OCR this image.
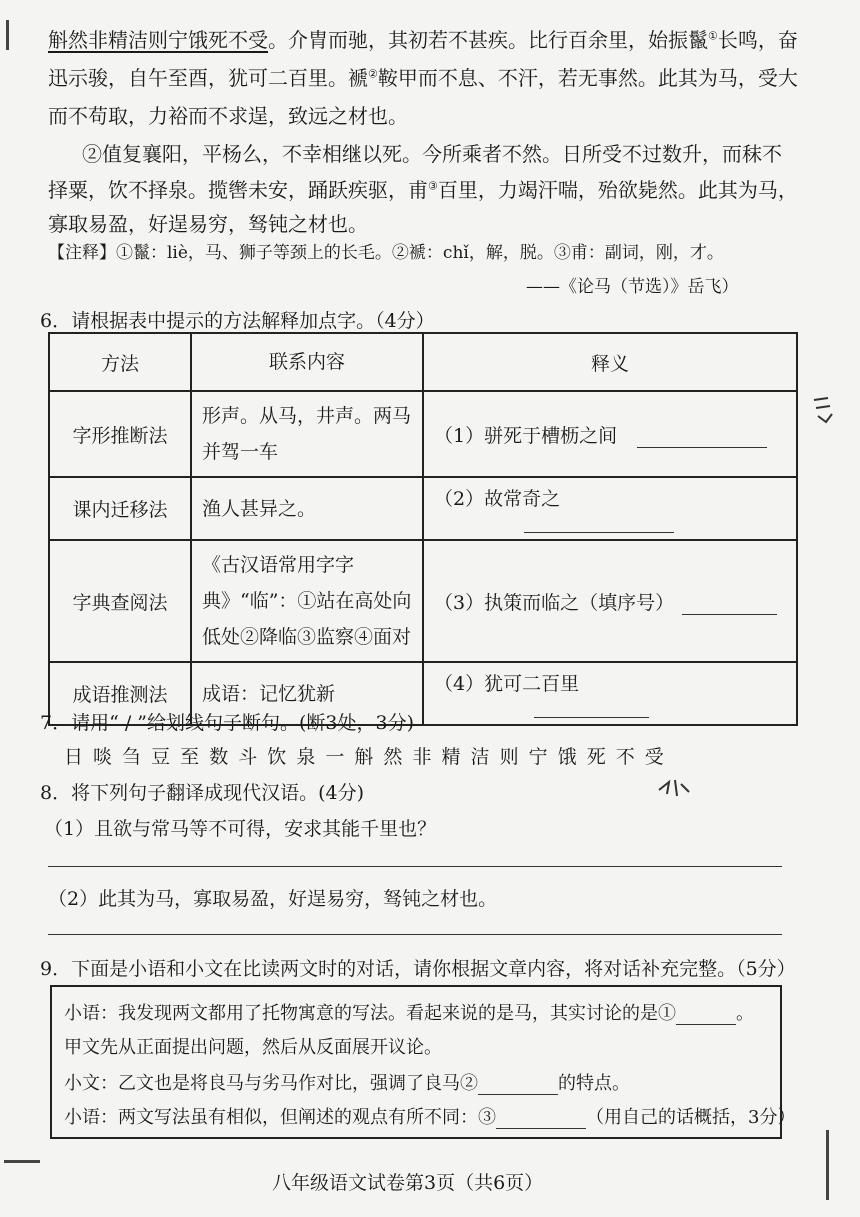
斛然非精洁则宁饿死不受。介胄而驰，其初若不甚疾。比行百余里，始振鬣①长鸣，奋
迅示骏，自午至酉，犹可二百里。褫②鞍甲而不息、不汗，若无事然。此其为马，受大
而不苟取，力裕而不求逞，致远之材也。
②值复襄阳，平杨么，不幸相继以死。今所乘者不然。日所受不过数升，而秣不
择粟，饮不择泉。揽辔未安，踊跃疾驱，甫③百里，力竭汗喘，殆欲毙然。此其为马，
寡取易盈，好逞易穷，驽钝之材也。
【注释】①鬣：liè，马、狮子等颈上的长毛。②褫：chǐ，解，脱。③甫：副词，刚，才。
——《论马（节选）》岳飞）
6．请根据表中提示的方法解释加点字。（4分）
方法	联系内容	释义
字形推断法	形声。从马，井声。两马并驾一车	（1）骈死于槽枥之间
课内迁移法	渔人甚异之。	（2）故常奇之
字典查阅法	《古汉语常用字字典》“临”：①站在高处向低处②降临③监察④面对	（3）执策而临之（填序号）
成语推测法	成语：记忆犹新	（4）犹可二百里
7．请用“ / ”给划线句子断句。(断3处，3分)
日 啖 刍 豆 至 数 斗 饮 泉 一 斛 然 非 精 洁 则 宁 饿 死 不 受
8．将下列句子翻译成现代汉语。(4分)
（1）且欲与常马等不可得，安求其能千里也？
（2）此其为马，寡取易盈，好逞易穷，驽钝之材也。
9．下面是小语和小文在比读两文时的对话，请你根据文章内容，将对话补充完整。（5分）
小语：我发现两文都用了托物寓意的写法。看起来说的是马，其实讨论的是①	。
甲文先从正面提出问题，然后从反面展开议论。
小文：乙文也是将良马与劣马作对比，强调了良马②	的特点。
小语：两文写法虽有相似，但阐述的观点有所不同：③	（用自己的话概括，3分）
八年级语文试卷第3页（共6页）
